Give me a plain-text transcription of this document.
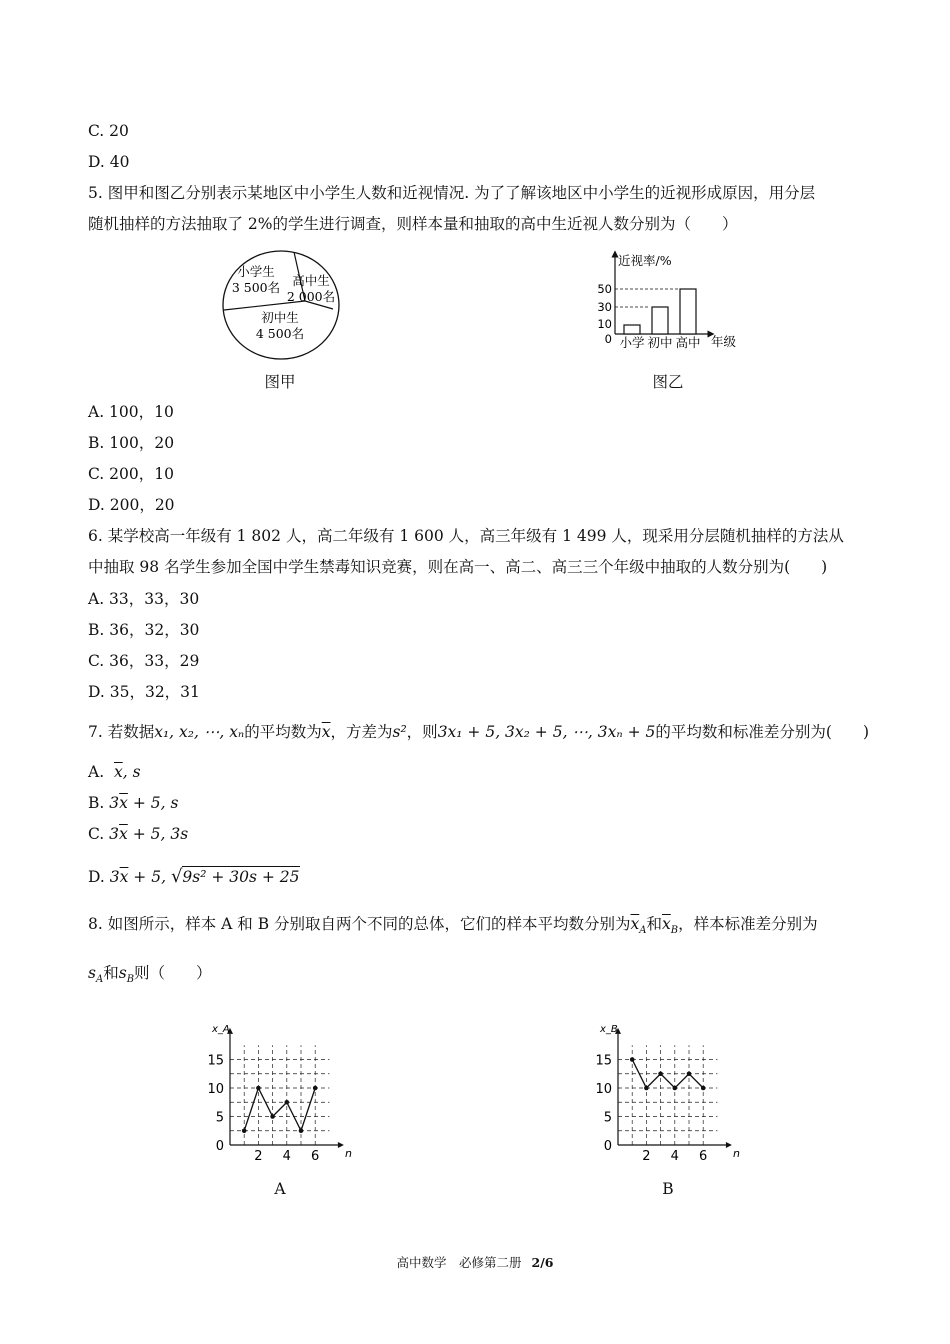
C. 20
D. 40
5. 图甲和图乙分别表示某地区中小学生人数和近视情况. 为了了解该地区中小学生的近视形成原因，用分层
随机抽样的方法抽取了 2%的学生进行调查，则样本量和抽取的高中生近视人数分别为（　　）
小学生
3 500名 高中生
2 000名
初中生
4 500名
图甲
近视率/%
年级
50
30
10
0 小学 初中 高中
图乙
A. 100，10
B. 100，20
C. 200，10
D. 200，20
6. 某学校高一年级有 1 802 人，高二年级有 1 600 人，高三年级有 1 499 人，现采用分层随机抽样的方法从
中抽取 98 名学生参加全国中学生禁毒知识竞赛，则在高一、高二、高三三个年级中抽取的人数分别为(　　)
A. 33，33，30
B. 36，32，30
C. 36，33，29
D. 35，32，31
7. 若数据x₁, x₂, ⋯, xₙ的平均数为$\overline{x}$，方差为s²，则3x₁ + 5, 3x₂ + 5, ⋯, 3xₙ + 5的平均数和标准差分别为(　　)
A. $\overline{x}$, s
B. $3\overline{x} + 5$, s
C. $3\overline{x} + 5$, 3s
D. $3\overline{x} + 5$, √9s² + 30s + 25
8. 如图所示，样本 A 和 B 分别取自两个不同的总体，它们的样本平均数分别为$\overline{x}_A$和$\overline{x}_B$，样本标准差分别为
$s_A$和$s_B$则（　　）
0
5
10
15
2 4 6 n
x_A
A
0
5
10
15
2 4 6 n
x_B
B
高中数学　必修第二册 2/6
